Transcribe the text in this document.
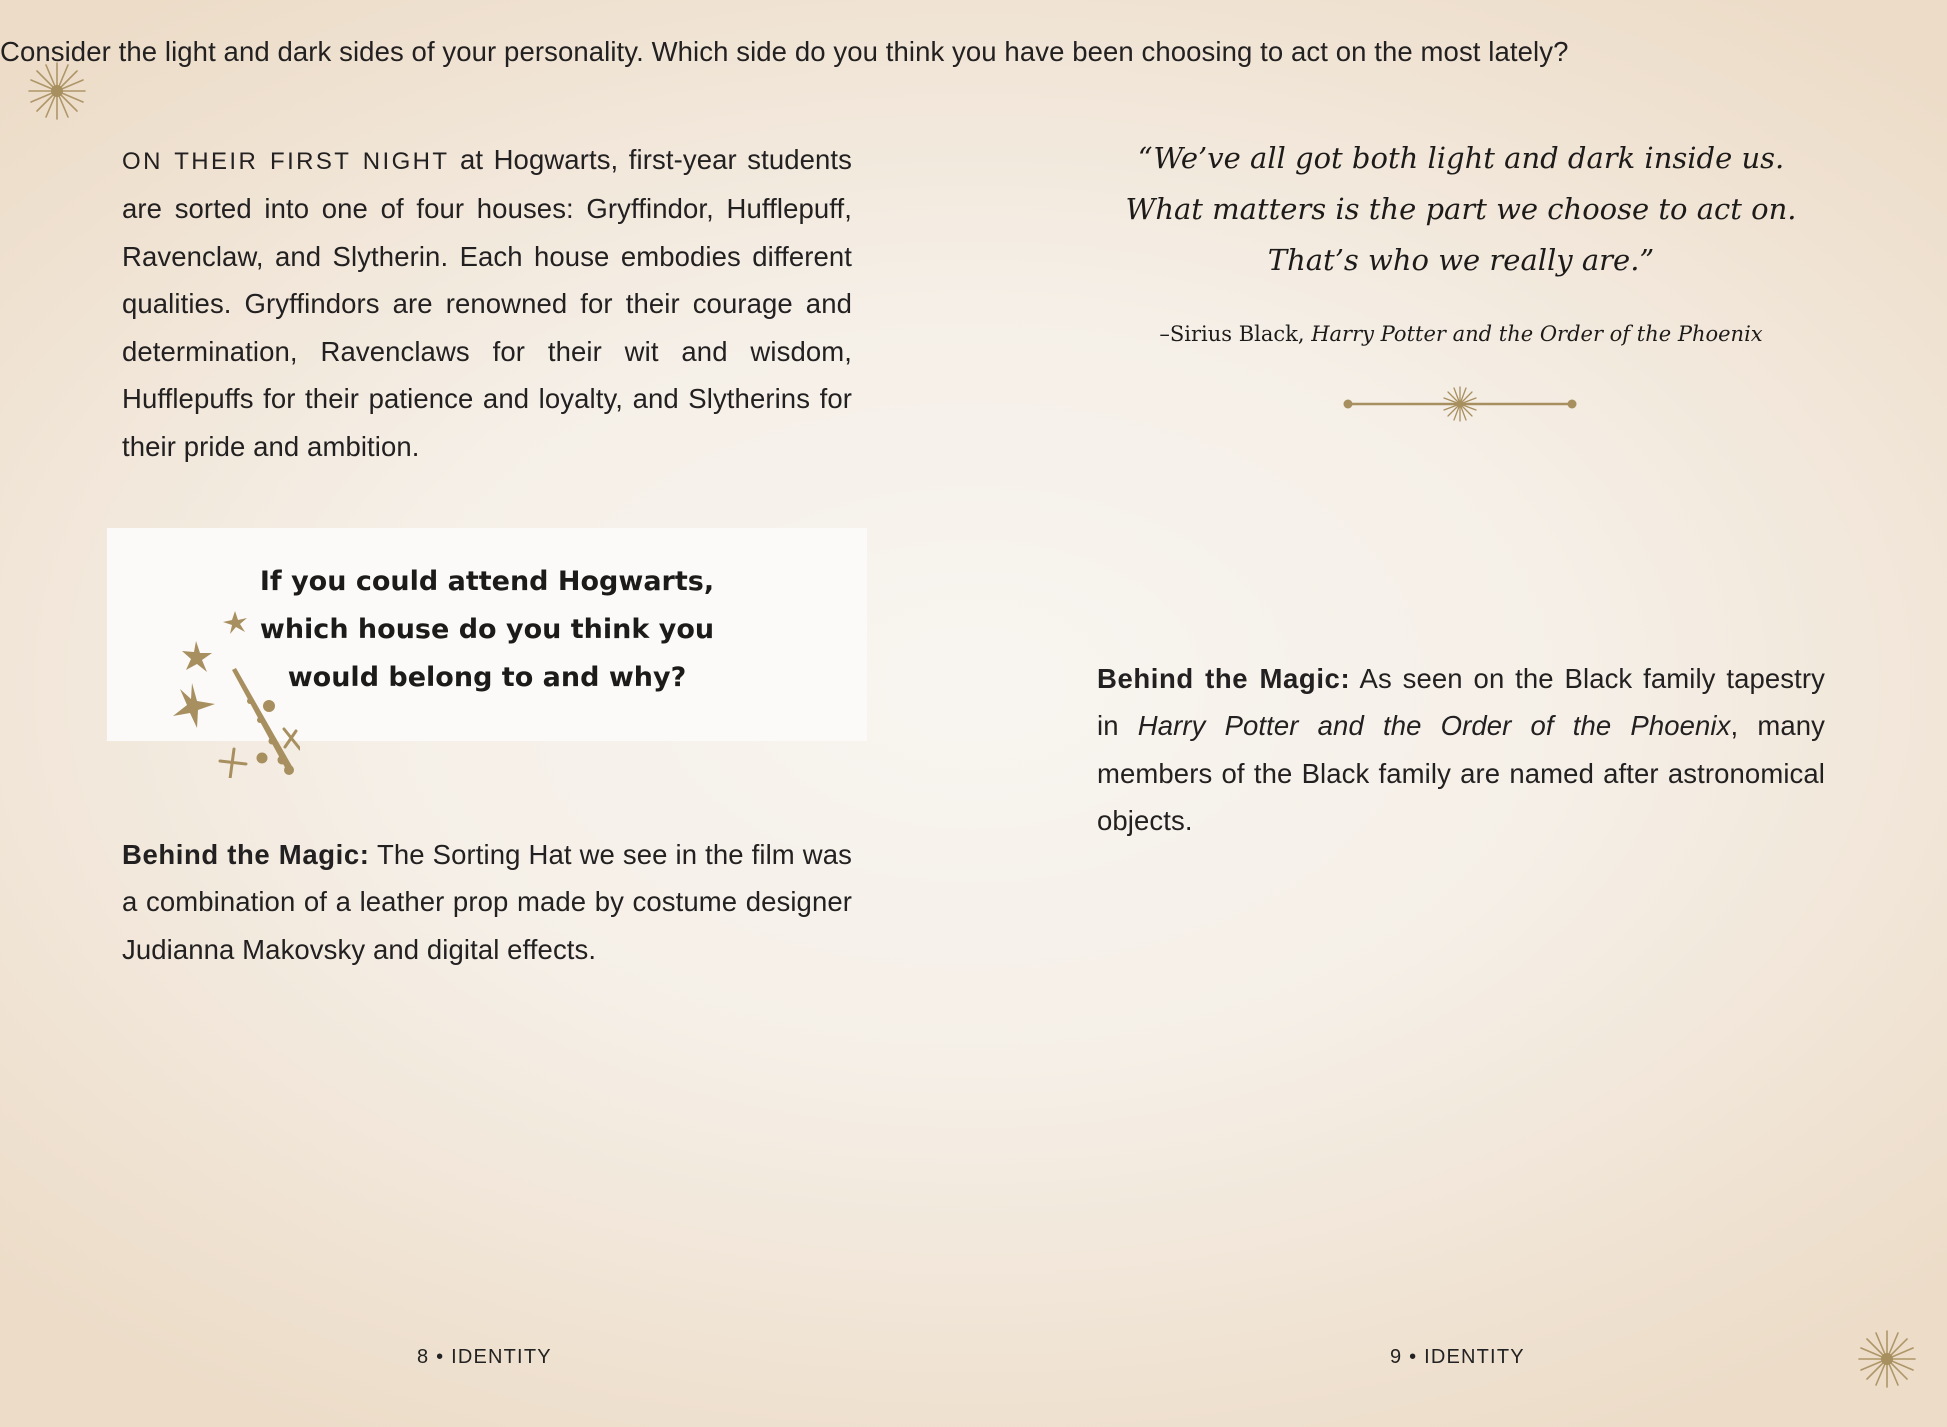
ON THEIR FIRST NIGHT at Hogwarts, first-year students are sorted into one of four houses: Gryffindor, Hufflepuff, Ravenclaw, and Slytherin. Each house embodies different qualities. Gryffindors are renowned for their courage and determination, Ravenclaws for their wit and wisdom, Hufflepuffs for their patience and loyalty, and Slytherins for their pride and ambition.

If you could attend Hogwarts,
which house do you think you
would belong to and why?

Behind the Magic: The Sorting Hat we see in the film was a combination of a leather prop made by costume designer Judianna Makovsky and digital effects.

8 • IDENTITY

“We’ve all got both light and dark inside us.
What matters is the part we choose to act on.
That’s who we really are.”

–Sirius Black, Harry Potter and the Order of the Phoenix

Consider the light and dark sides of your personality. Which side do you think you have been choosing to act on the most lately?

Behind the Magic: As seen on the Black family tapestry in Harry Potter and the Order of the Phoenix, many members of the Black family are named after astronomical objects.

9 • IDENTITY
